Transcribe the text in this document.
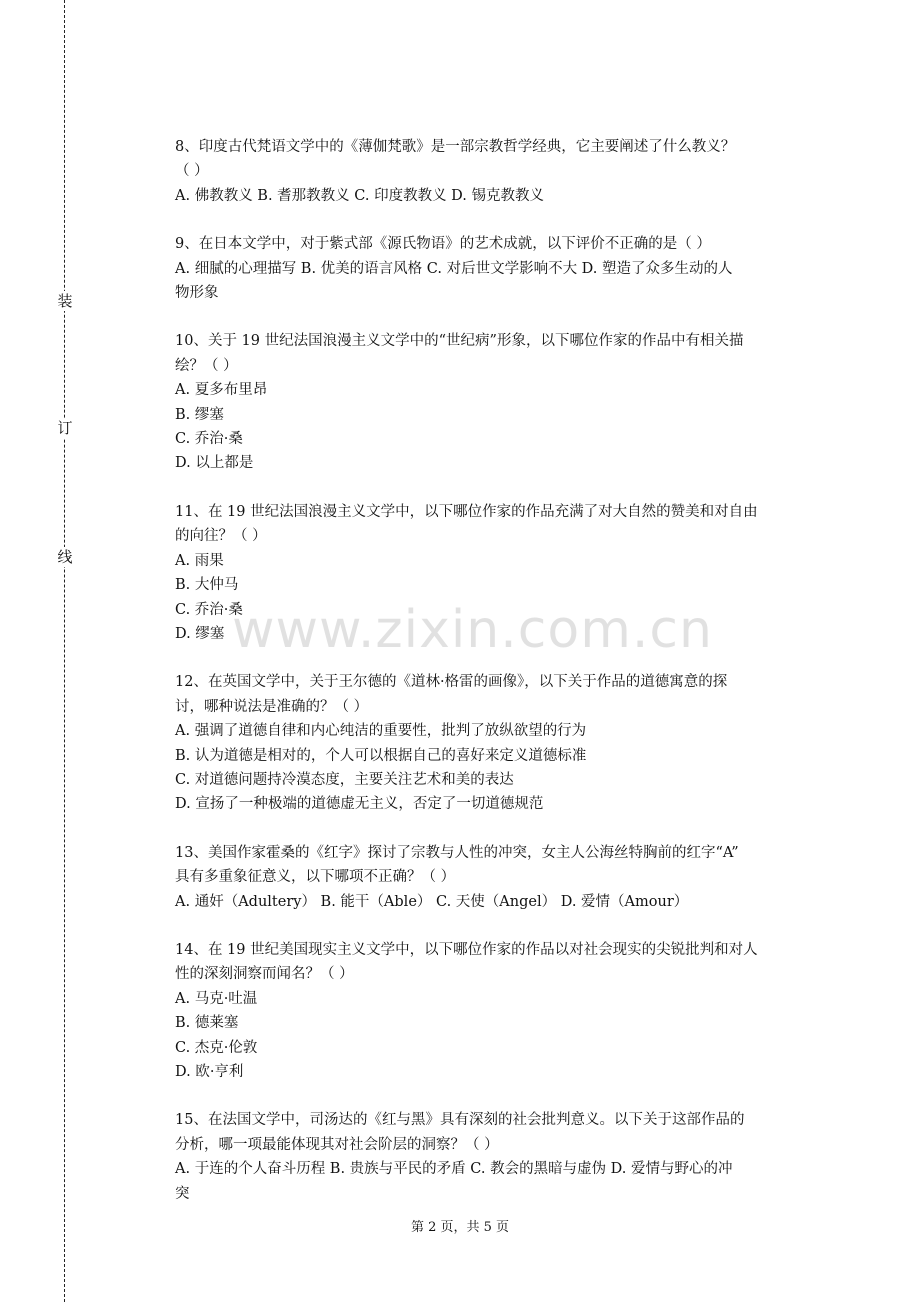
装
订
线
www.zixin.com.cn

8、印度古代梵语文学中的《薄伽梵歌》是一部宗教哲学经典，它主要阐述了什么教义？

（ ）

A. 佛教教义 B. 耆那教教义 C. 印度教教义 D. 锡克教教义

9、在日本文学中，对于紫式部《源氏物语》的艺术成就，以下评价不正确的是（ ）

A. 细腻的心理描写 B. 优美的语言风格 C. 对后世文学影响不大 D. 塑造了众多生动的人

物形象

10、关于 19 世纪法国浪漫主义文学中的“世纪病”形象，以下哪位作家的作品中有相关描

绘？（ ）

A. 夏多布里昂

B. 缪塞

C. 乔治·桑

D. 以上都是

11、在 19 世纪法国浪漫主义文学中，以下哪位作家的作品充满了对大自然的赞美和对自由

的向往？（ ）

A. 雨果

B. 大仲马

C. 乔治·桑

D. 缪塞

12、在英国文学中，关于王尔德的《道林·格雷的画像》，以下关于作品的道德寓意的探

讨，哪种说法是准确的？（ ）

A. 强调了道德自律和内心纯洁的重要性，批判了放纵欲望的行为

B. 认为道德是相对的，个人可以根据自己的喜好来定义道德标准

C. 对道德问题持冷漠态度，主要关注艺术和美的表达

D. 宣扬了一种极端的道德虚无主义，否定了一切道德规范

13、美国作家霍桑的《红字》探讨了宗教与人性的冲突，女主人公海丝特胸前的红字“A”

具有多重象征意义，以下哪项不正确？（ ）

A. 通奸（Adultery） B. 能干（Able） C. 天使（Angel） D. 爱情（Amour）

14、在 19 世纪美国现实主义文学中，以下哪位作家的作品以对社会现实的尖锐批判和对人

性的深刻洞察而闻名？（ ）

A. 马克·吐温

B. 德莱塞

C. 杰克·伦敦

D. 欧·亨利

15、在法国文学中，司汤达的《红与黑》具有深刻的社会批判意义。以下关于这部作品的

分析，哪一项最能体现其对社会阶层的洞察？（ ）

A. 于连的个人奋斗历程 B. 贵族与平民的矛盾 C. 教会的黑暗与虚伪 D. 爱情与野心的冲

突

第 2 页，共 5 页
